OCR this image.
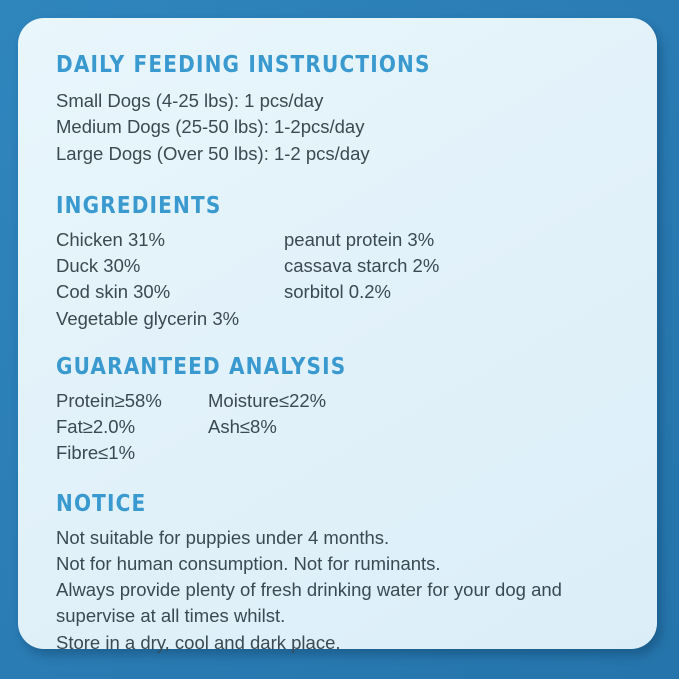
DAILY FEEDING INSTRUCTIONS
Small Dogs (4-25 lbs): 1 pcs/day
Medium Dogs (25-50 lbs): 1-2pcs/day
Large Dogs (Over 50 lbs): 1-2 pcs/day
INGREDIENTS
Chicken 31%
Duck 30%
Cod skin 30%
Vegetable glycerin 3%
peanut protein 3%
cassava starch 2%
sorbitol 0.2%
GUARANTEED ANALYSIS
Protein≥58%
Fat≥2.0%
Fibre≤1%
Moisture≤22%
Ash≤8%
NOTICE
Not suitable for puppies under 4 months.
Not for human consumption. Not for ruminants.
Always provide plenty of fresh drinking water for your dog and
supervise at all times whilst.
Store in a dry, cool and dark place.
